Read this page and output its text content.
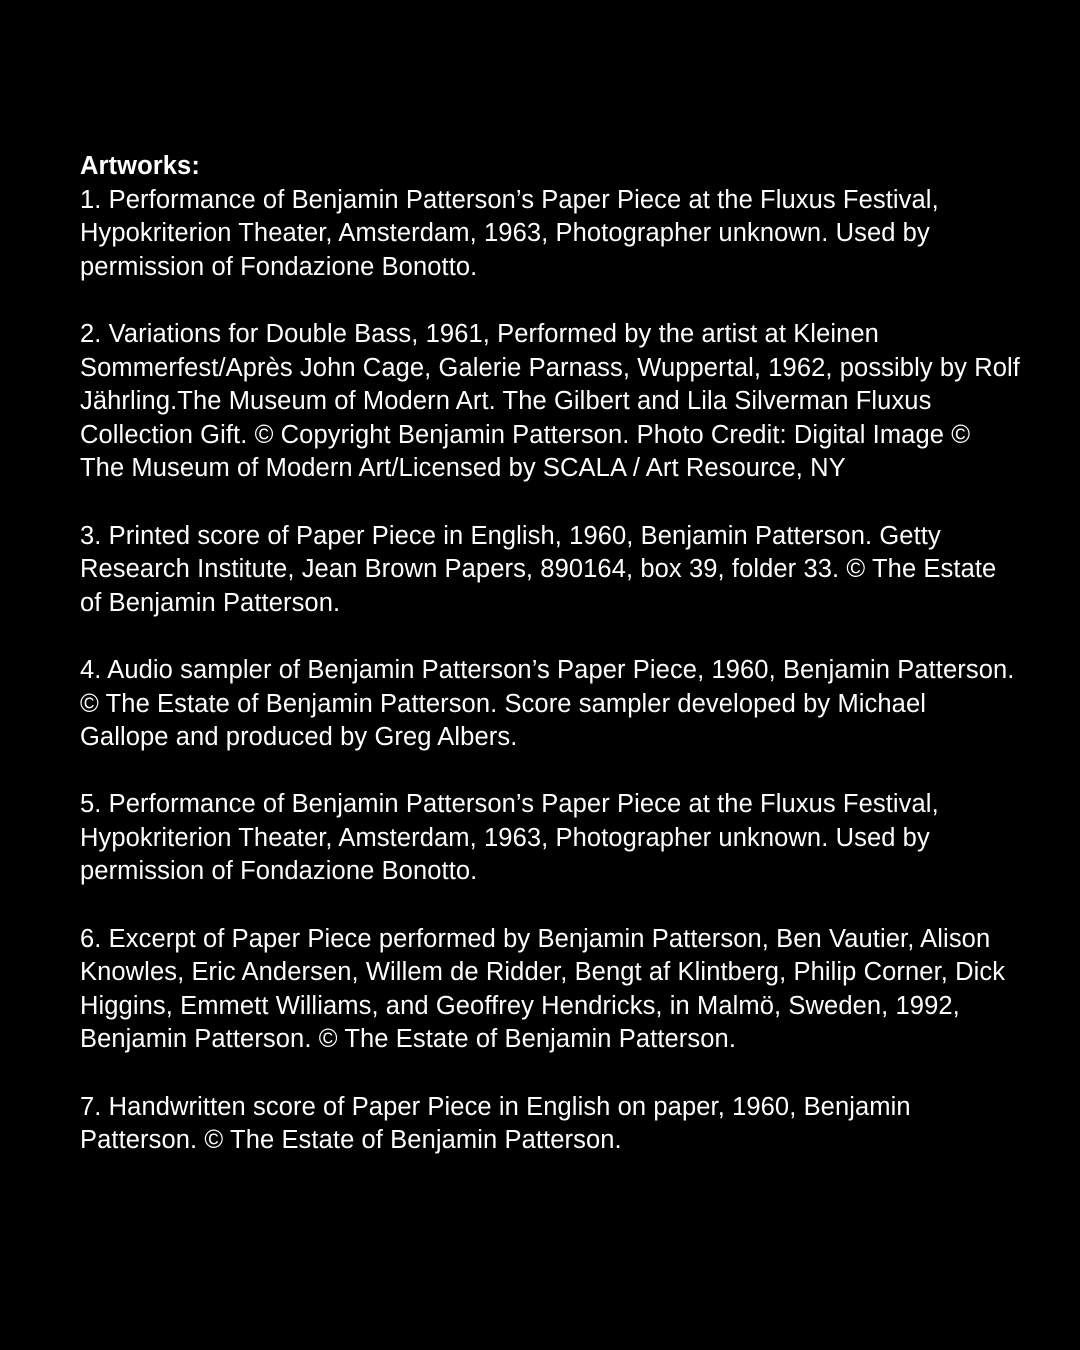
Artworks:

1. Performance of Benjamin Patterson’s Paper Piece at the Fluxus Festival, Hypokriterion Theater, Amsterdam, 1963, Photographer unknown. Used by permission of Fondazione Bonotto.

2. Variations for Double Bass, 1961, Performed by the artist at Kleinen Sommerfest/Après John Cage, Galerie Parnass, Wuppertal, 1962, possibly by Rolf Jährling.The Museum of Modern Art. The Gilbert and Lila Silverman Fluxus Collection Gift. © Copyright Benjamin Patterson. Photo Credit: Digital Image © The Museum of Modern Art/Licensed by SCALA / Art Resource, NY

3. Printed score of Paper Piece in English, 1960, Benjamin Patterson. Getty Research Institute, Jean Brown Papers, 890164, box 39, folder 33. © The Estate of Benjamin Patterson.

4. Audio sampler of Benjamin Patterson’s Paper Piece, 1960, Benjamin Patterson. © The Estate of Benjamin Patterson. Score sampler developed by Michael Gallope and produced by Greg Albers.

5. Performance of Benjamin Patterson’s Paper Piece at the Fluxus Festival, Hypokriterion Theater, Amsterdam, 1963, Photographer unknown. Used by permission of Fondazione Bonotto.

6. Excerpt of Paper Piece performed by Benjamin Patterson, Ben Vautier, Alison Knowles, Eric Andersen, Willem de Ridder, Bengt af Klintberg, Philip Corner, Dick Higgins, Emmett Williams, and Geoffrey Hendricks, in Malmö, Sweden, 1992, Benjamin Patterson. © The Estate of Benjamin Patterson.

7. Handwritten score of Paper Piece in English on paper, 1960, Benjamin Patterson. © The Estate of Benjamin Patterson.
